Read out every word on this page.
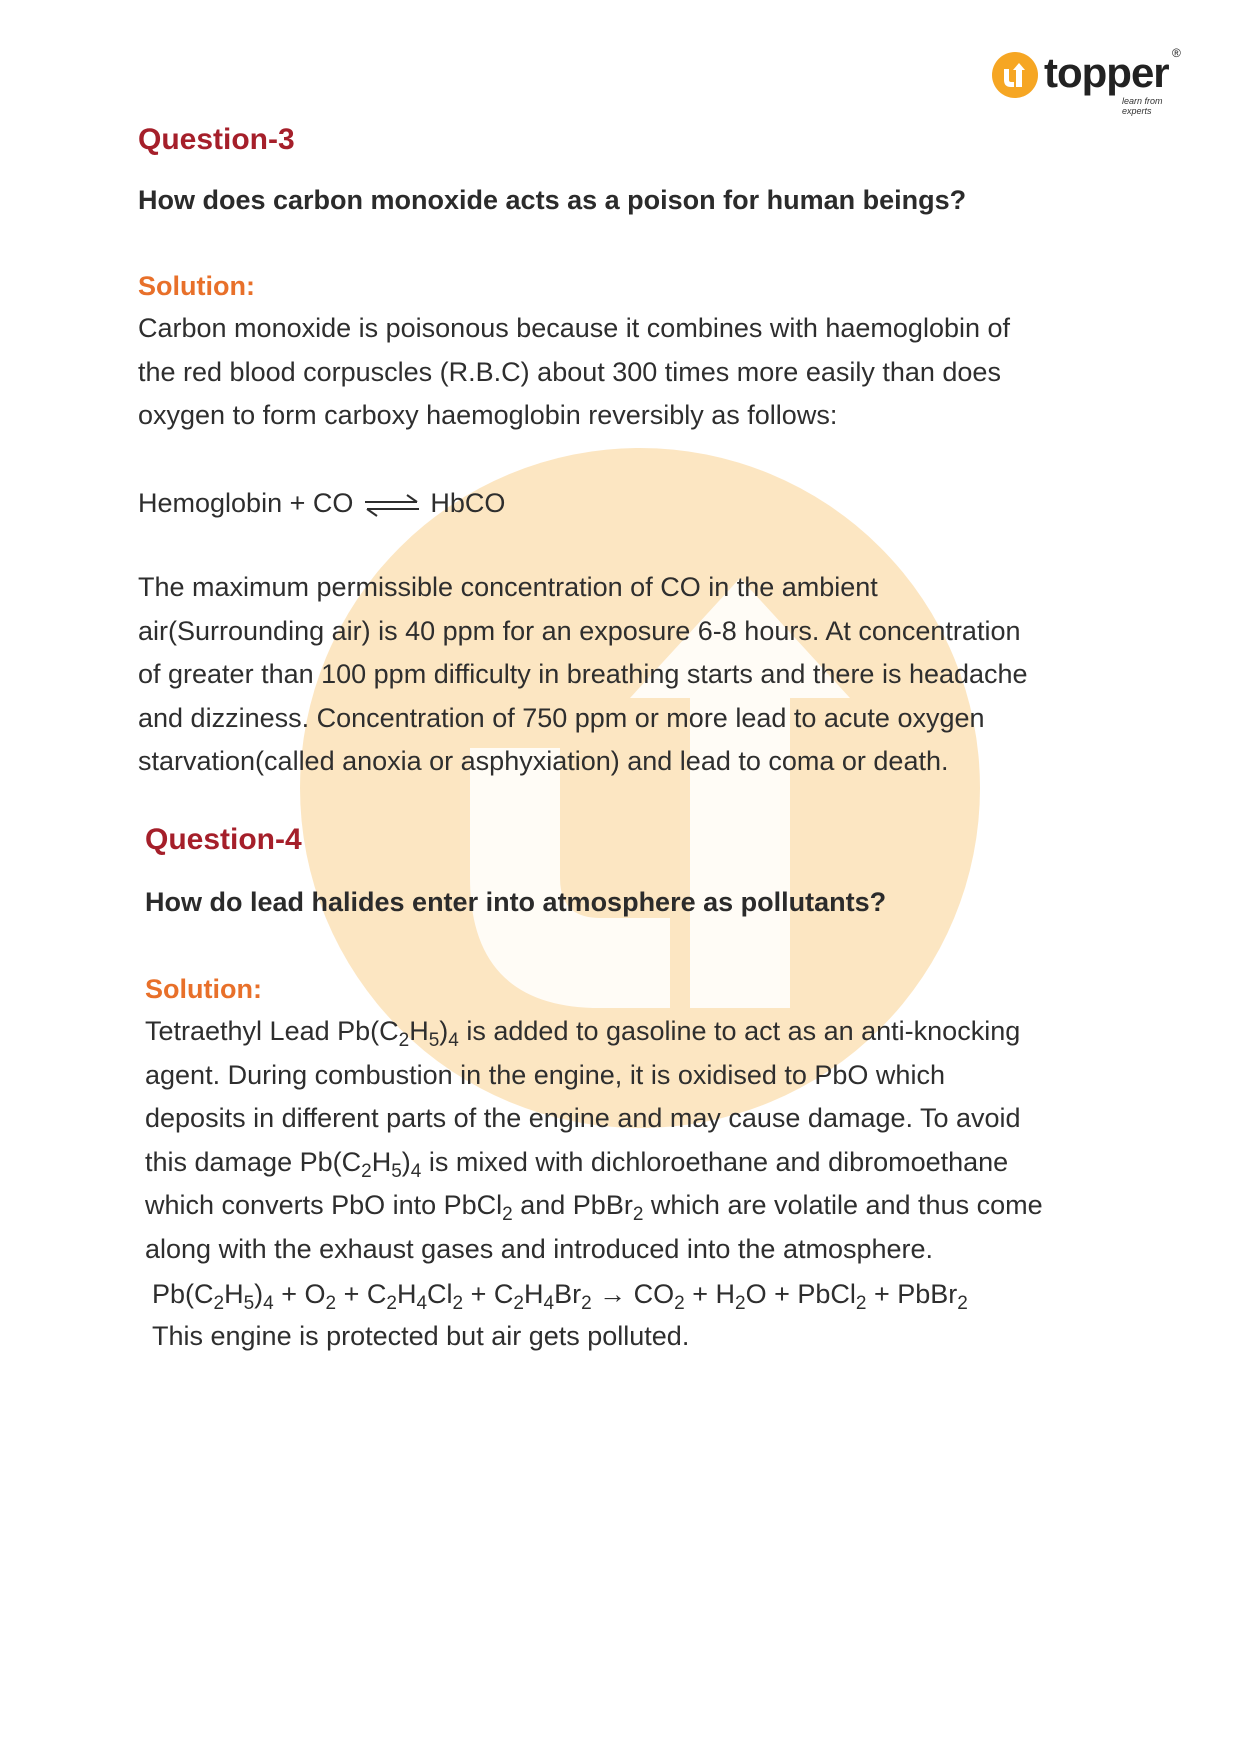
topper ®
learn from experts
Question-3
How does carbon monoxide acts as a poison for human beings?
Solution:
Carbon monoxide is poisonous because it combines with haemoglobin of
the red blood corpuscles (R.B.C) about 300 times more easily than does
oxygen to form carboxy haemoglobin reversibly as follows:
Hemoglobin + CO ⇌ HbCO
The maximum permissible concentration of CO in the ambient
air(Surrounding air) is 40 ppm for an exposure 6-8 hours. At concentration
of greater than 100 ppm difficulty in breathing starts and there is headache
and dizziness. Concentration of 750 ppm or more lead to acute oxygen
starvation(called anoxia or asphyxiation) and lead to coma or death.
Question-4
How do lead halides enter into atmosphere as pollutants?
Solution:
Tetraethyl Lead $Pb(C_2H_5)_4$ is added to gasoline to act as an anti-knocking
agent. During combustion in the engine, it is oxidised to PbO which
deposits in different parts of the engine and may cause damage. To avoid
this damage $Pb(C_2H_5)_4$ is mixed with dichloroethane and dibromoethane
which converts PbO into PbCl$_2$ and PbBr$_2$ which are volatile and thus come
along with the exhaust gases and introduced into the atmosphere.
$Pb(C_2H_5)_4 + O_2 + C_2H_4Cl_2 + C_2H_4Br_2 \to CO_2 + H_2O$ + PbCl$_2$ + PbBr$_2$
This engine is protected but air gets polluted.
